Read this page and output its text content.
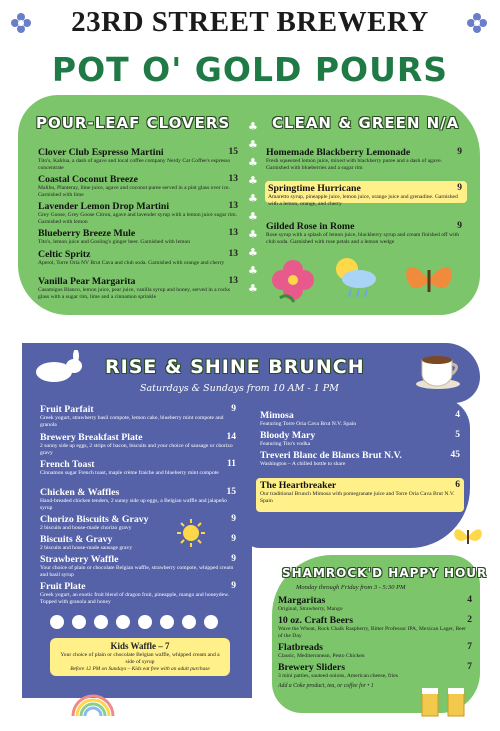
23RD STREET BREWERY
POT O' GOLD POURS
POUR-LEAF CLOVERS	CLEAN & GREEN N/A
♣
♣
♣
♣
♣
♣
♣
♣
♣
♣
Clover Club Espresso Martini	15
Tito's, Kahlua, a dash of agave and local coffee company Nerdy Cat Coffee's espresso concentrate
Coastal Coconut Breeze	13
Malibu, Planteray, lime juice, agave and coconut puree served in a pint glass over ice. Garnished with lime
Lavender Lemon Drop Martini	13
Grey Goose, Grey Goose Citron, agave and lavender syrup with a lemon juice sugar rim. Garnished with lemon
Blueberry Breeze Mule	13
Tito's, lemon juice and Gosling's ginger beer. Garnished with lemon
Celtic Spritz	13
Aperol, Torre Oria NV Brut Cava and club soda. Garnished with orange and cherry
Vanilla Pear Margarita	13
Casamigos Blanco, lemon juice, pear juice, vanilla syrup and honey, served in a rocks glass with a sugar rim, lime and a cinnamon sprinkle
Homemade Blackberry Lemonade	9
Fresh squeezed lemon juice, mixed with blackberry puree and a dash of agave. Garnished with blueberries and a sugar rim
Springtime Hurricane	9
Amaretto syrup, pineapple juice, lemon juice, orange juice and grenadine. Garnished with a lemon, orange, and cherry
Gilded Rose in Rome	9
Rose syrup with a splash of lemon juice, blackberry syrup and cream finished off with club soda. Garnished with rose petals and a lemon wedge
RISE & SHINE BRUNCH
Saturdays & Sundays from 10 AM - 1 PM
Fruit Parfait	9
Greek yogurt, strawberry basil compote, lemon cake, blueberry mint compote and granola
Brewery Breakfast Plate	14
2 sunny side up eggs, 2 strips of bacon, biscuits and your choice of sausage or chorizo gravy
French Toast	11
Cinnamon sugar French toast, maple crème fraiche and blueberry mint compote
Chicken & Waffles	15
Hand-breaded chicken tenders, 2 sunny side up eggs, a Belgian waffle and jalapeño syrup
Chorizo Biscuits & Gravy	9
2 biscuits and house-made chorizo gravy
Biscuits & Gravy	9
2 biscuits and house-made sausage gravy
Strawberry Waffle	9
Your choice of plain or chocolate Belgian waffle, strawberry compote, whipped cream and basil syrup
Fruit Plate	9
Greek yogurt, an exotic fruit blend of dragon fruit, pineapple, mango and honeydew. Topped with granola and honey
Kids Waffle – 7
Your choice of plain or chocolate Belgian waffle, whipped cream and a side of syrup
Before 12 PM on Sundays – Kids eat free with an adult purchase
Mimosa	4
Featuring Torre Oria Cava Brut N.V. Spain
Bloody Mary	5
Featuring Tito's vodka
Treveri Blanc de Blancs Brut N.V.	45
Washington – A chilled bottle to share
The Heartbreaker	6
Our traditional Brunch Mimosa with pomegranate juice and Torre Oria Cava Brut N.V. Spain
SHAMROCK'D HAPPY HOUR
Monday through Friday from 3 - 5:30 PM
Margaritas	4
Original, Strawberry, Mango
10 oz. Craft Beers	2
Wave the Wheat, Rock Chalk Raspberry, Bitter Professor IPA, Mexican Lager, Beer of the Day
Flatbreads	7
Classic, Mediterranean, Pesto Chicken
Brewery Sliders	7
3 mini patties, sauteed onions, American cheese, fries
Add a Coke product, tea, or coffee for • 1
